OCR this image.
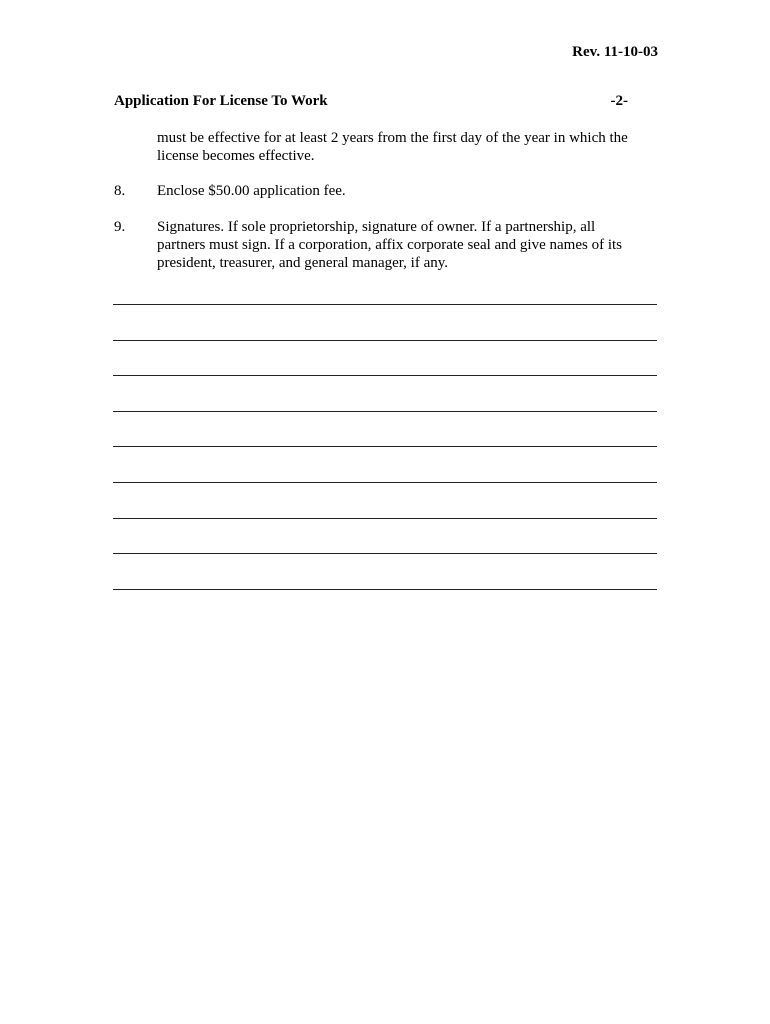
Rev. 11-10-03
Application For License To Work	-2-
must be effective for at least 2 years from the first day of the year in which the license becomes effective.
8. Enclose $50.00 application fee.
9. Signatures. If sole proprietorship, signature of owner. If a partnership, all partners must sign. If a corporation, affix corporate seal and give names of its president, treasurer, and general manager, if any.
